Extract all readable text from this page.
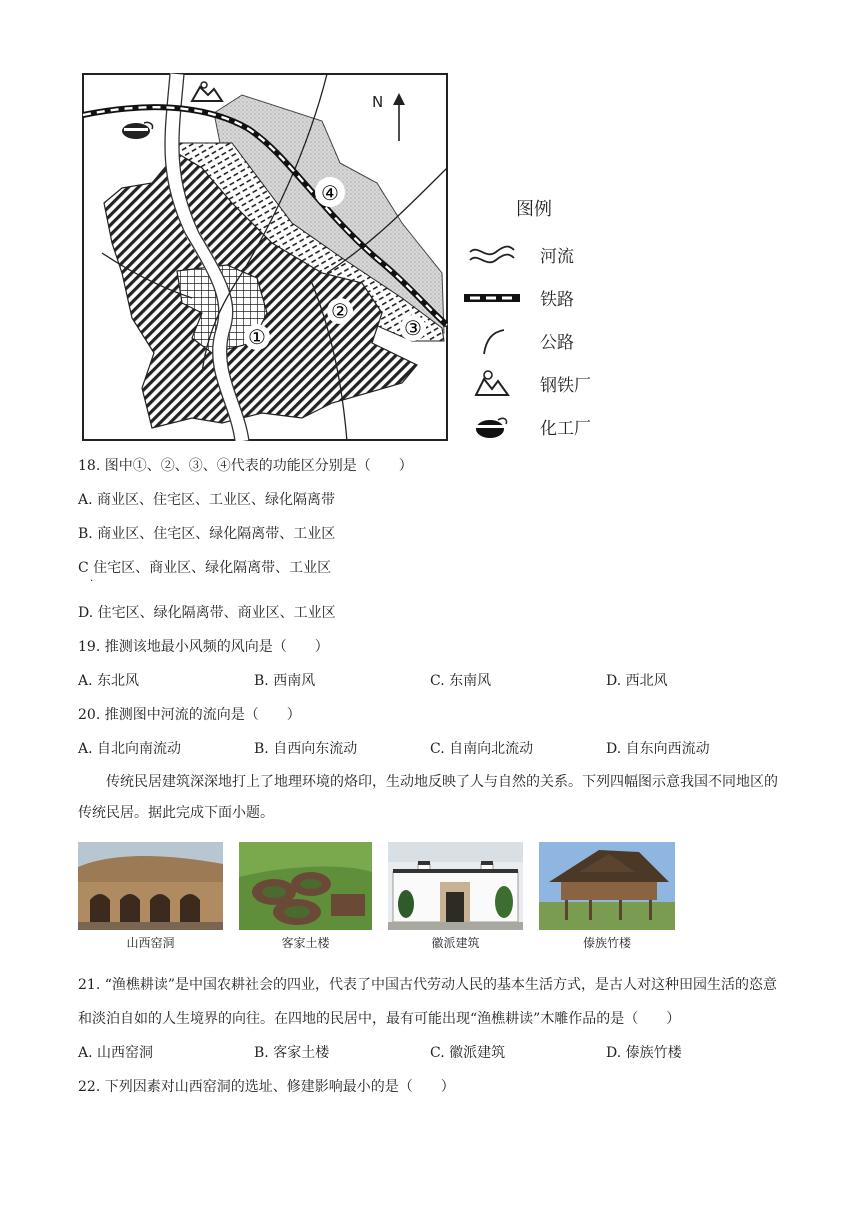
N
④
②
③
①
图例
河流
铁路
公路
钢铁厂
化工厂
18. 图中①、②、③、④代表的功能区分别是（　　）
A. 商业区、住宅区、工业区、绿化隔离带
B. 商业区、住宅区、绿化隔离带、工业区
C 住宅区、商业区、绿化隔离带、工业区
·
D. 住宅区、绿化隔离带、商业区、工业区
19. 推测该地最小风频的风向是（　　）
A. 东北风	B. 西南风	C. 东南风	D. 西北风
20. 推测图中河流的流向是（　　）
A. 自北向南流动	B. 自西向东流动	C. 自南向北流动	D. 自东向西流动
传统民居建筑深深地打上了地理环境的烙印，生动地反映了人与自然的关系。下列四幅图示意我国不同地区的传统民居。据此完成下面小题。
山西窑洞	客家土楼	徽派建筑	傣族竹楼
21. “渔樵耕读”是中国农耕社会的四业，代表了中国古代劳动人民的基本生活方式，是古人对这种田园生活的恣意和淡泊自如的人生境界的向往。在四地的民居中，最有可能出现“渔樵耕读”木雕作品的是（　　）
A. 山西窑洞	B. 客家土楼	C. 徽派建筑	D. 傣族竹楼
22. 下列因素对山西窑洞的选址、修建影响最小的是（　　）
